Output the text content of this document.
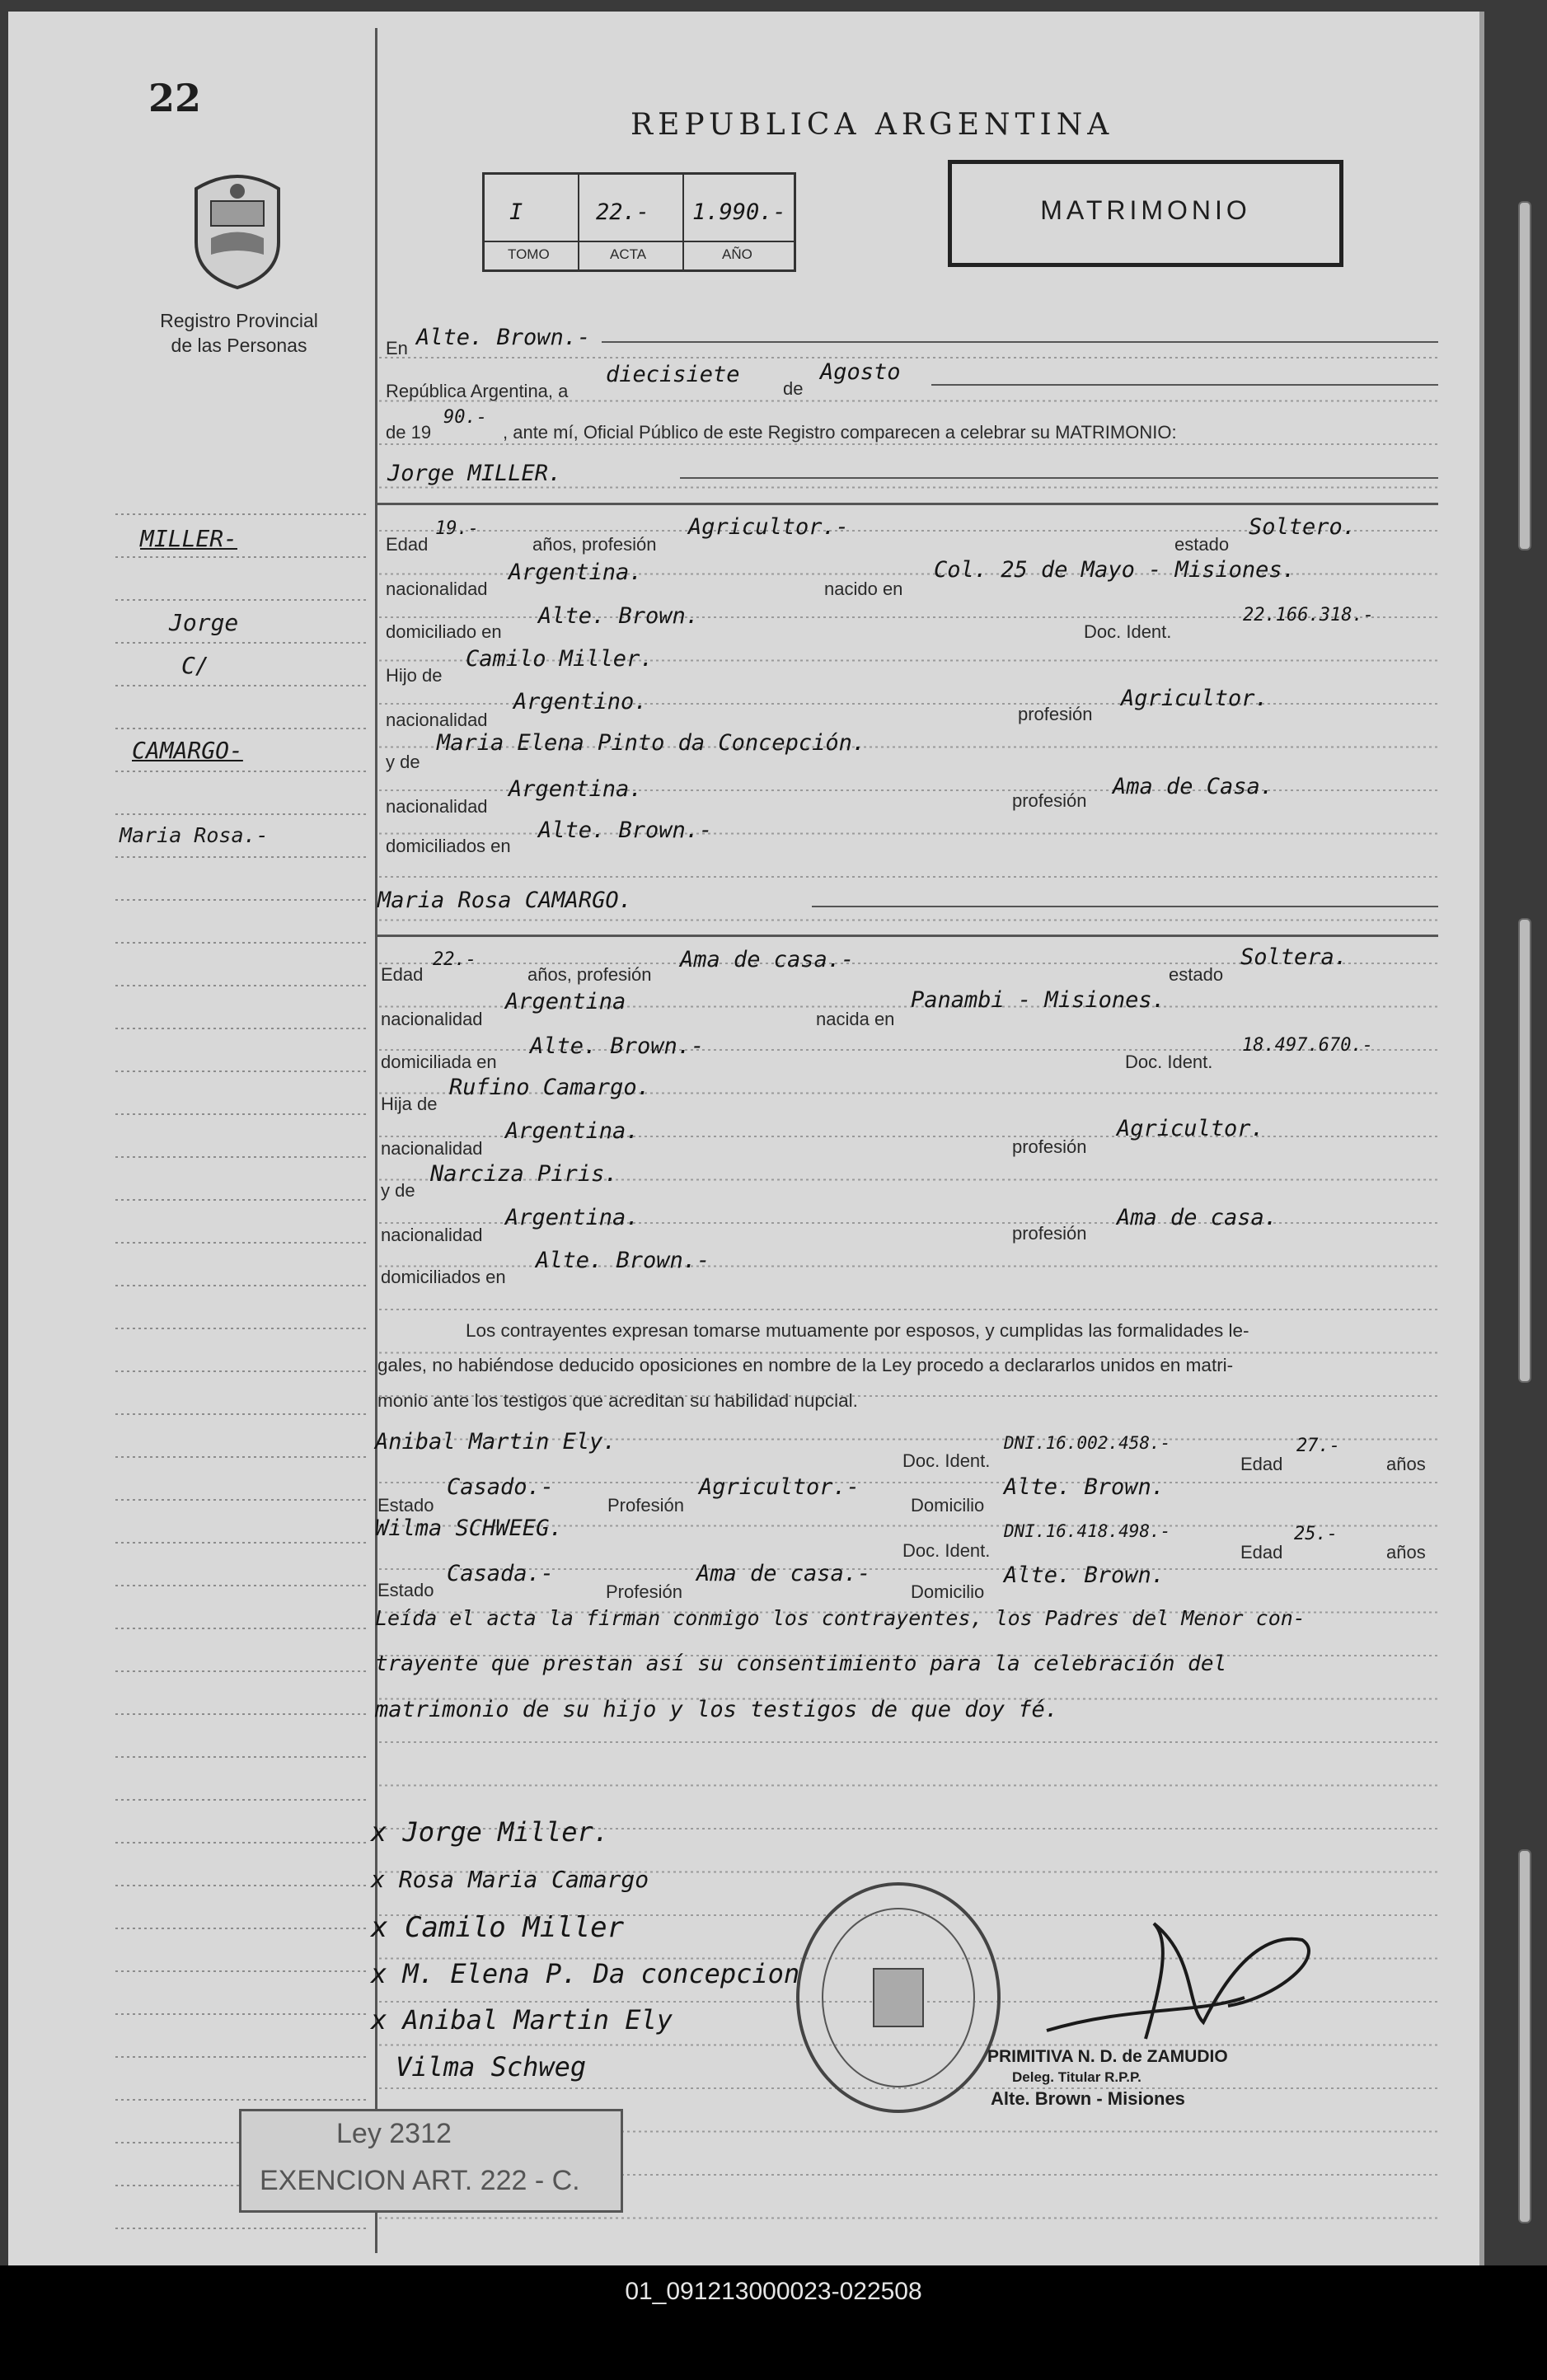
22
Registro Provincial
de las Personas
MILLER-
Jorge
C/
CAMARGO-
Maria Rosa.-
REPUBLICA ARGENTINA
I	22.- 1.990.-
TOMO	ACTA	AÑO
MATRIMONIO
En Alte. Brown.-
República Argentina, a
diecisiete
de
Agosto
de 19
90.-
, ante mí, Oficial Público de este Registro comparecen a celebrar su MATRIMONIO:
Jorge MILLER.
Edad
19.-
años, profesión
Agricultor.-
estado
Soltero.
nacionalidad
Argentina.
nacido en
Col. 25 de Mayo - Misiones.
domiciliado en
Alte. Brown.
Doc. Ident.
22.166.318.-
Hijo de
Camilo Miller.
nacionalidad
Argentino.	profesión
Agricultor.
y de
Maria Elena Pinto da Concepción.
nacionalidad
Argentina.	profesión
Ama de Casa.
domiciliados en
Alte. Brown.-
Maria Rosa CAMARGO.
Edad
22.-
años, profesión
Ama de casa.-
estado
Soltera.
nacionalidad
Argentina
nacida en
Panambi - Misiones.
domiciliada en
Alte. Brown.-
Doc. Ident.
18.497.670.-
Hija de
Rufino Camargo.
nacionalidad
Argentina.
profesión
Agricultor.
y de
Narciza Piris.
nacionalidad
Argentina.
profesión
Ama de casa.
domiciliados en
Alte. Brown.-
Los contrayentes expresan tomarse mutuamente por esposos, y cumplidas las formalidades le-
gales, no habiéndose deducido oposiciones en nombre de la Ley procedo a declararlos unidos en matri-
monio ante los testigos que acreditan su habilidad nupcial.
Anibal Martin Ely.
Doc. Ident.
DNI.16.002.458.-
Edad
27.-
años
Estado
Casado.-
Profesión
Agricultor.-
Domicilio
Alte. Brown.
Wilma SCHWEEG.
Doc. Ident.
DNI.16.418.498.-
Edad
25.-
años
Estado
Casada.-
Profesión
Ama de casa.-
Domicilio
Alte. Brown.
Leída el acta la firman conmigo los contrayentes, los Padres del Menor con-
trayente que prestan así su consentimiento para la celebración del
matrimonio de su hijo y los testigos de que doy fé.
x Jorge Miller.
x Rosa Maria Camargo
x Camilo Miller
x M. Elena P. Da concepcion
x Anibal Martin Ely
Vilma Schweg	PRIMITIVA N. D. de ZAMUDIO
Deleg. Titular R.P.P.
Alte. Brown - Misiones
Ley 2312
EXENCION ART. 222 - C.
01_091213000023-022508
